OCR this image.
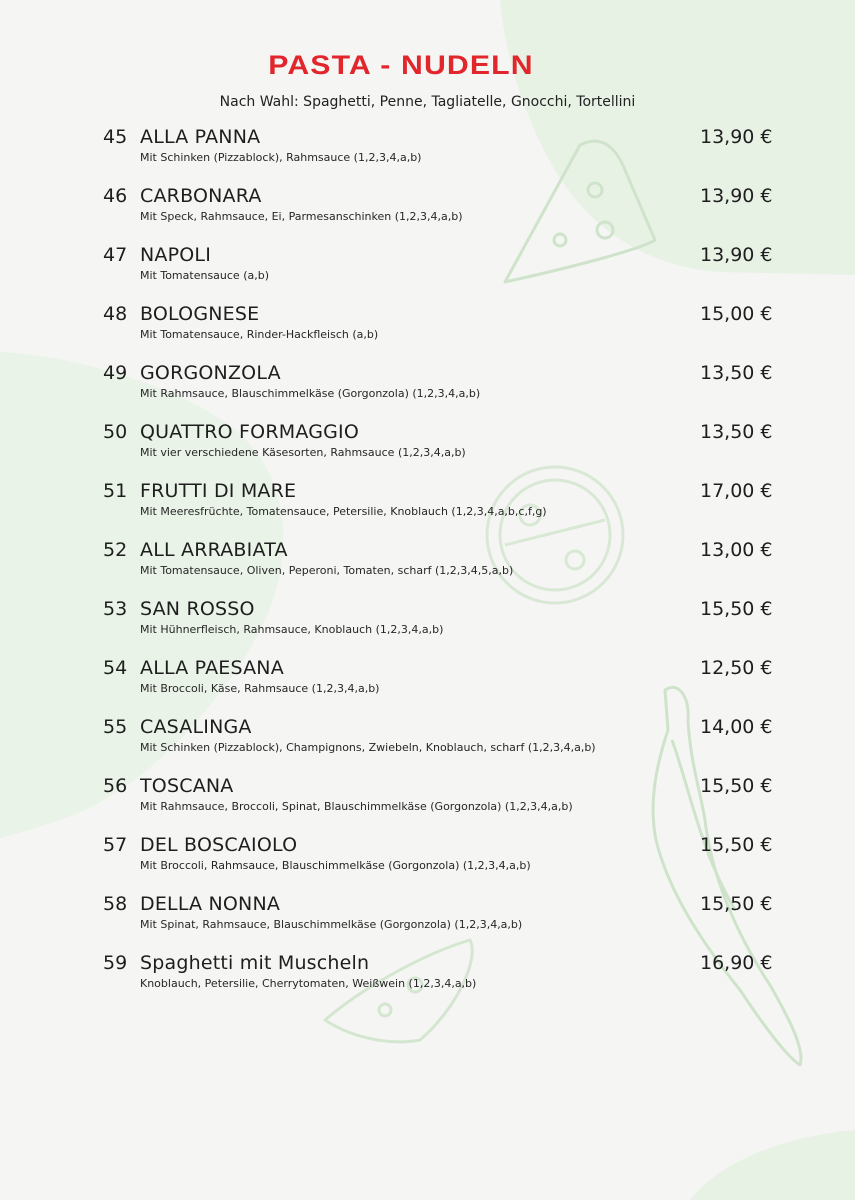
PASTA - NUDELN
Nach Wahl: Spaghetti, Penne, Tagliatelle, Gnocchi, Tortellini
45 ALLA PANNA
Mit Schinken (Pizzablock), Rahmsauce (1,2,3,4,a,b)
13,90 €
46 CARBONARA
Mit Speck, Rahmsauce, Ei, Parmesanschinken (1,2,3,4,a,b)
13,90 €
47 NAPOLI
Mit Tomatensauce (a,b)
13,90 €
48 BOLOGNESE
Mit Tomatensauce, Rinder-Hackfleisch (a,b)
15,00 €
49 GORGONZOLA
Mit Rahmsauce, Blauschimmelkäse (Gorgonzola) (1,2,3,4,a,b)
13,50 €
50 QUATTRO FORMAGGIO
Mit vier verschiedene Käsesorten, Rahmsauce (1,2,3,4,a,b)
13,50 €
51 FRUTTI DI MARE
Mit Meeresfrüchte, Tomatensauce, Petersilie, Knoblauch (1,2,3,4,a,b,c,f,g)
17,00 €
52 ALL ARRABIATA
Mit Tomatensauce, Oliven, Peperoni, Tomaten, scharf (1,2,3,4,5,a,b)
13,00 €
53 SAN ROSSO
Mit Hühnerfleisch, Rahmsauce, Knoblauch (1,2,3,4,a,b)
15,50 €
54 ALLA PAESANA
Mit Broccoli, Käse, Rahmsauce (1,2,3,4,a,b)
12,50 €
55 CASALINGA
Mit Schinken (Pizzablock), Champignons, Zwiebeln, Knoblauch, scharf (1,2,3,4,a,b)
14,00 €
56 TOSCANA
Mit Rahmsauce, Broccoli, Spinat, Blauschimmelkäse (Gorgonzola) (1,2,3,4,a,b)
15,50 €
57 DEL BOSCAIOLO
Mit Broccoli, Rahmsauce, Blauschimmelkäse (Gorgonzola) (1,2,3,4,a,b)
15,50 €
58 DELLA NONNA
Mit Spinat, Rahmsauce, Blauschimmelkäse (Gorgonzola) (1,2,3,4,a,b)
15,50 €
59 Spaghetti mit Muscheln
Knoblauch, Petersilie, Cherrytomaten, Weißwein (1,2,3,4,a,b)
16,90 €
